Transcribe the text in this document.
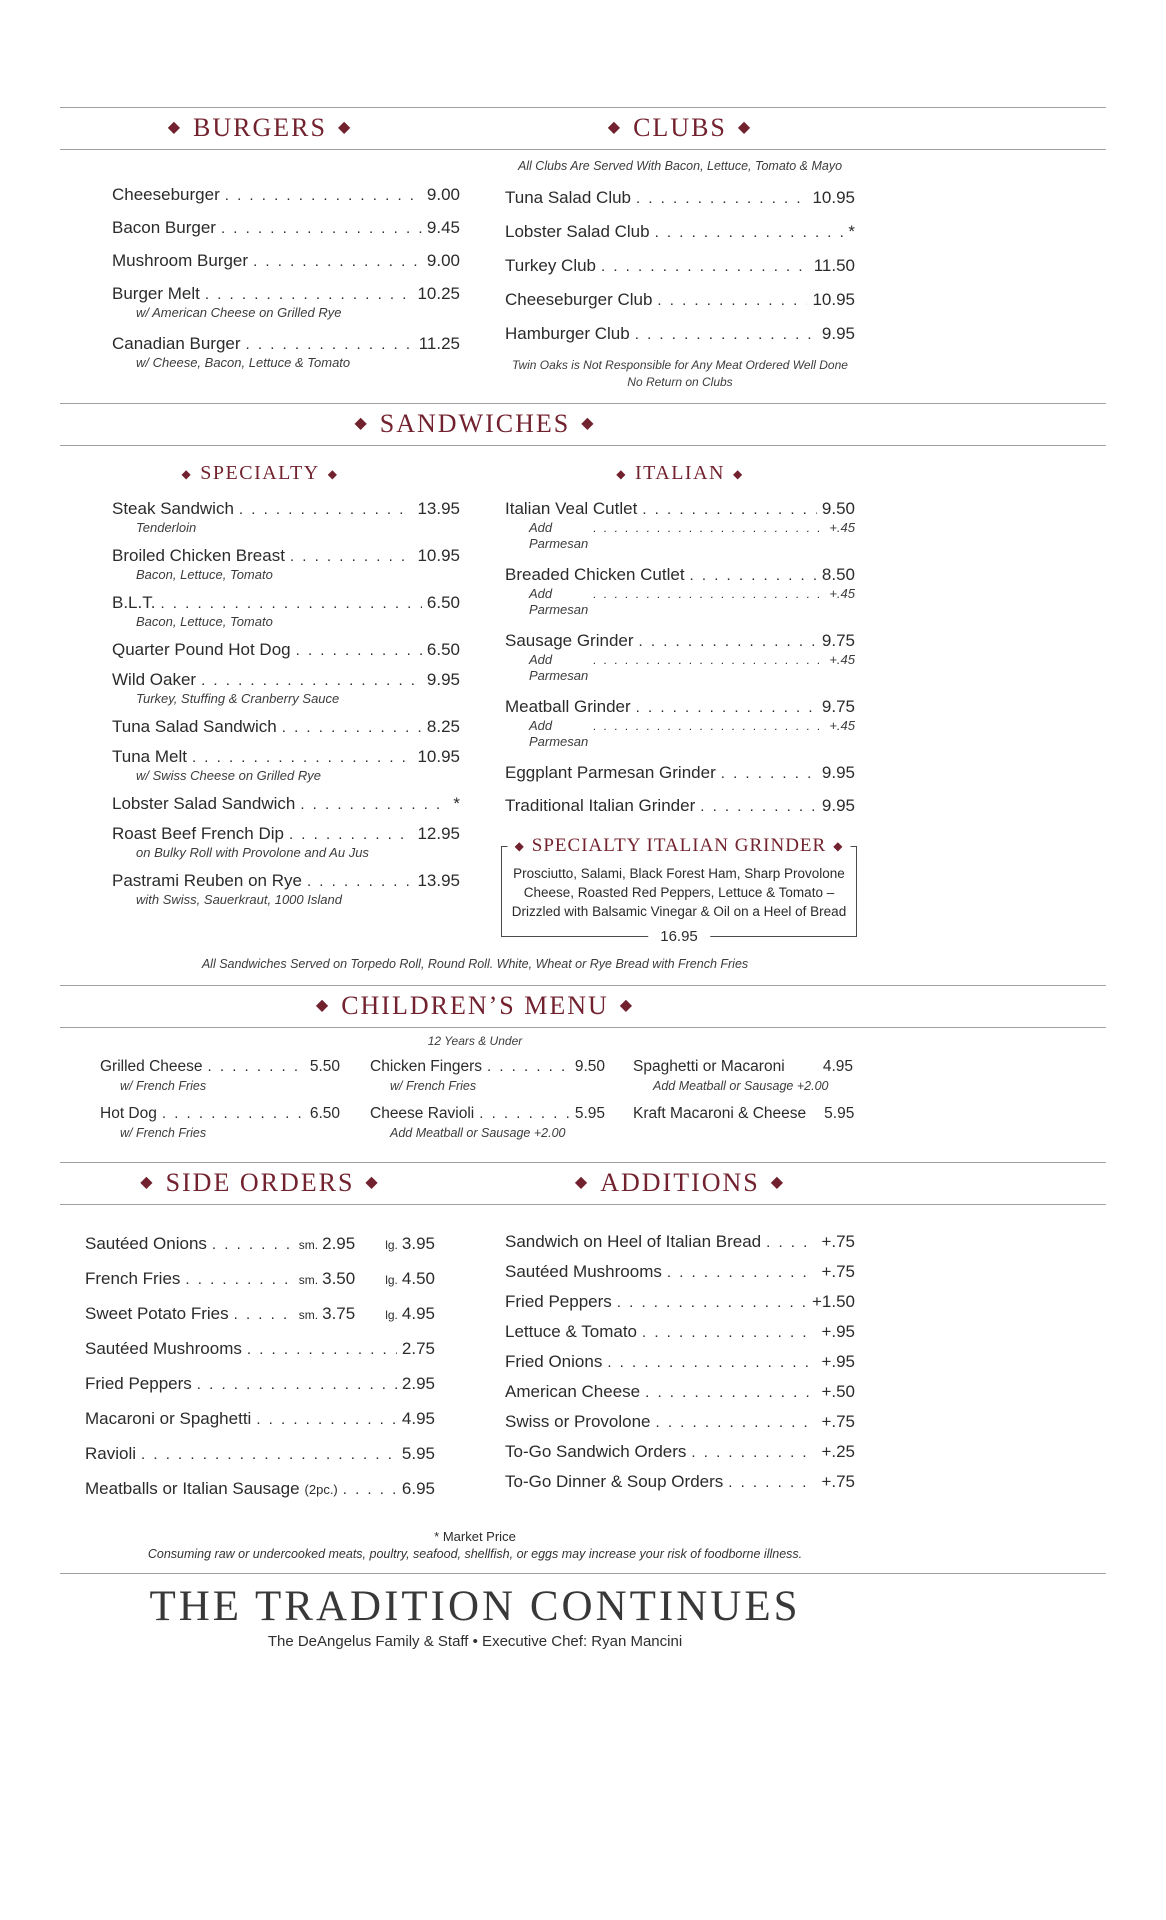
◆ BURGERS ◆	◆ CLUBS ◆
Cheeseburger . . .	9.00
Bacon Burger . . .	9.45
Mushroom Burger . . .	9.00
Burger Melt . . .	10.25
w/ American Cheese on Grilled Rye
Canadian Burger . . .	11.25
w/ Cheese, Bacon, Lettuce & Tomato
All Clubs Are Served With Bacon, Lettuce, Tomato & Mayo
Tuna Salad Club . . .	10.95
Lobster Salad Club . . .	*
Turkey Club . . .	11.50
Cheeseburger Club . . .	10.95
Hamburger Club . . .	9.95
Twin Oaks is Not Responsible for Any Meat Ordered Well Done
No Return on Clubs
◆ SANDWICHES ◆
◆ SPECIALTY ◆
Steak Sandwich . . .	13.95
Tenderloin
Broiled Chicken Breast . . .	10.95
Bacon, Lettuce, Tomato
B.L.T. . . .	6.50
Bacon, Lettuce, Tomato
Quarter Pound Hot Dog . . .	6.50
Wild Oaker . . .	9.95
Turkey, Stuffing & Cranberry Sauce
Tuna Salad Sandwich . . .	8.25
Tuna Melt . . .	10.95
w/ Swiss Cheese on Grilled Rye
Lobster Salad Sandwich . . .	*
Roast Beef French Dip . . .	12.95
on Bulky Roll with Provolone and Au Jus
Pastrami Reuben on Rye . . .	13.95
with Swiss, Sauerkraut, 1000 Island
◆ ITALIAN ◆
Italian Veal Cutlet . . .	9.50
Add Parmesan
. . .
+.45
Breaded Chicken Cutlet . . .	8.50
Add Parmesan
. . .
+.45
Sausage Grinder . . .	9.75
Add Parmesan
. . .
+.45
Meatball Grinder . . .	9.75
Add Parmesan
. . .
+.45
Eggplant Parmesan Grinder . . .	9.95
Traditional Italian Grinder . . .	9.95
◆ SPECIALTY ITALIAN GRINDER ◆
Prosciutto, Salami, Black Forest Ham, Sharp Provolone Cheese, Roasted Red Peppers, Lettuce & Tomato – Drizzled with Balsamic Vinegar & Oil on a Heel of Bread
16.95
All Sandwiches Served on Torpedo Roll, Round Roll. White, Wheat or Rye Bread with French Fries
◆ CHILDREN’S MENU ◆
12 Years & Under
Grilled Cheese . . .	5.50
w/ French Fries
Hot Dog . . .	6.50
w/ French Fries
Chicken Fingers . . .	9.50
w/ French Fries
Cheese Ravioli . . .	5.95
Add Meatball or Sausage +2.00
Spaghetti or Macaroni 4.95
Add Meatball or Sausage +2.00
Kraft Macaroni & Cheese 5.95
◆ SIDE ORDERS ◆	◆ ADDITIONS ◆
Sautéed Onions . . .	sm. 2.95	lg. 3.95
French Fries . . .	sm. 3.50	lg. 4.50
Sweet Potato Fries . . .	sm. 3.75	lg. 4.95
Sautéed Mushrooms . . .	2.75
Fried Peppers . . .	2.95
Macaroni or Spaghetti . . .	4.95
Ravioli . . .	5.95
Meatballs or Italian Sausage (2pc.) . . .	6.95
Sandwich on Heel of Italian Bread . . .	+.75
Sautéed Mushrooms . . .	+.75
Fried Peppers . . .	+1.50
Lettuce & Tomato . . .	+.95
Fried Onions . . .	+.95
American Cheese . . .	+.50
Swiss or Provolone . . .	+.75
To-Go Sandwich Orders . . .	+.25
To-Go Dinner & Soup Orders . . .	+.75
* Market Price
Consuming raw or undercooked meats, poultry, seafood, shellfish, or eggs may increase your risk of foodborne illness.
THE TRADITION CONTINUES
The DeAngelus Family & Staff • Executive Chef: Ryan Mancini
